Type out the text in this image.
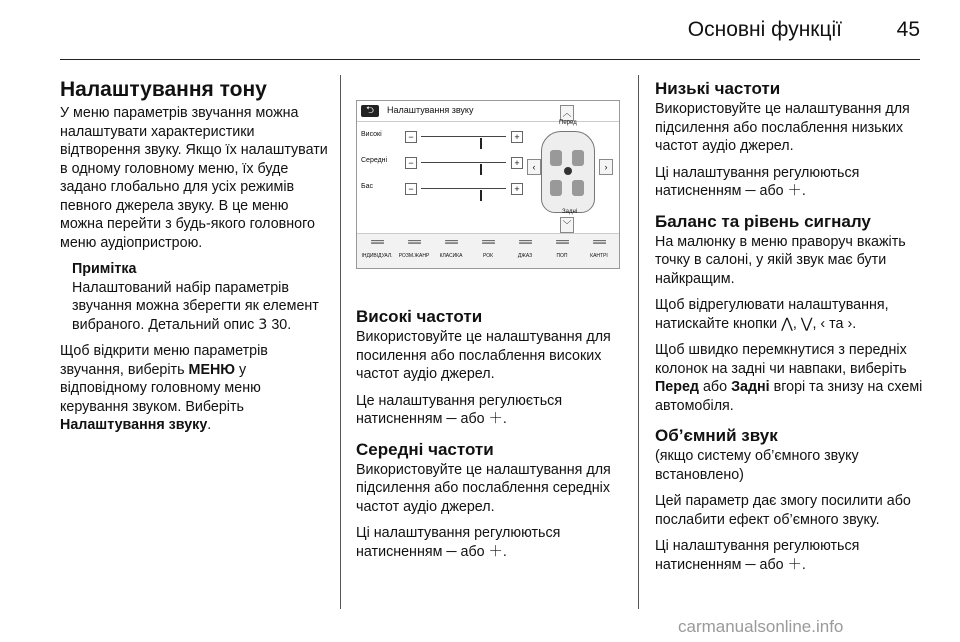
Основні функції	45
Налаштування тону

У меню параметрів звучання можна налаштувати характеристики відтворення звуку. Якщо їх налаштувати в одному головному меню, їх буде задано глобально для усіх режимів певного джерела звуку. В це меню можна перейти з будь-якого головного меню аудіопристрою.

Примітка
Налаштований набір параметрів звучання можна зберегти як елемент вибраного. Детальний опис 3 30.

Щоб відкрити меню параметрів звучання, виберіть МЕНЮ у відповідному головному меню керування звуком. Виберіть Налаштування звуку.

⮌	Налаштування звуку
Високі	−	+
Середні	−	+
Бас	−	+
︿
Перед
‹	›
Задні
﹀
≡≡≡
ІНДИВІДУАЛ.
≡≡≡
РОЗМ.ЖАНР
≡≡≡
КЛАСИКА
≡≡≡
РОК
≡≡≡
ДЖАЗ
≡≡≡
ПОП
≡≡≡
КАНТРІ
Високі частоти

Використовуйте це налаштування для посилення або послаблення високих частот аудіо джерел.

Це налаштування регулюється натисненням ─ або ＋.

Середні частоти

Використовуйте це налаштування для підсилення або послаблення середніх частот аудіо джерел.

Ці налаштування регулюються натисненням ─ або ＋.

Низькі частоти

Використовуйте це налаштування для підсилення або послаблення низьких частот аудіо джерел.

Ці налаштування регулюються натисненням ─ або ＋.

Баланс та рівень сигналу

На малюнку в меню праворуч вкажіть точку в салоні, у якій звук має бути найкращим.

Щоб відрегулювати налаштування, натискайте кнопки ⋀, ⋁, ‹ та ›.

Щоб швидко перемкнутися з передніх колонок на задні чи навпаки, виберіть Перед або Задні вгорі та знизу на схемі автомобіля.

Об’ємний звук

(якщо систему об’ємного звуку встановлено)

Цей параметр дає змогу посилити або послабити ефект об’ємного звуку.

Ці налаштування регулюються натисненням ─ або ＋.

carmanualsonline.info
